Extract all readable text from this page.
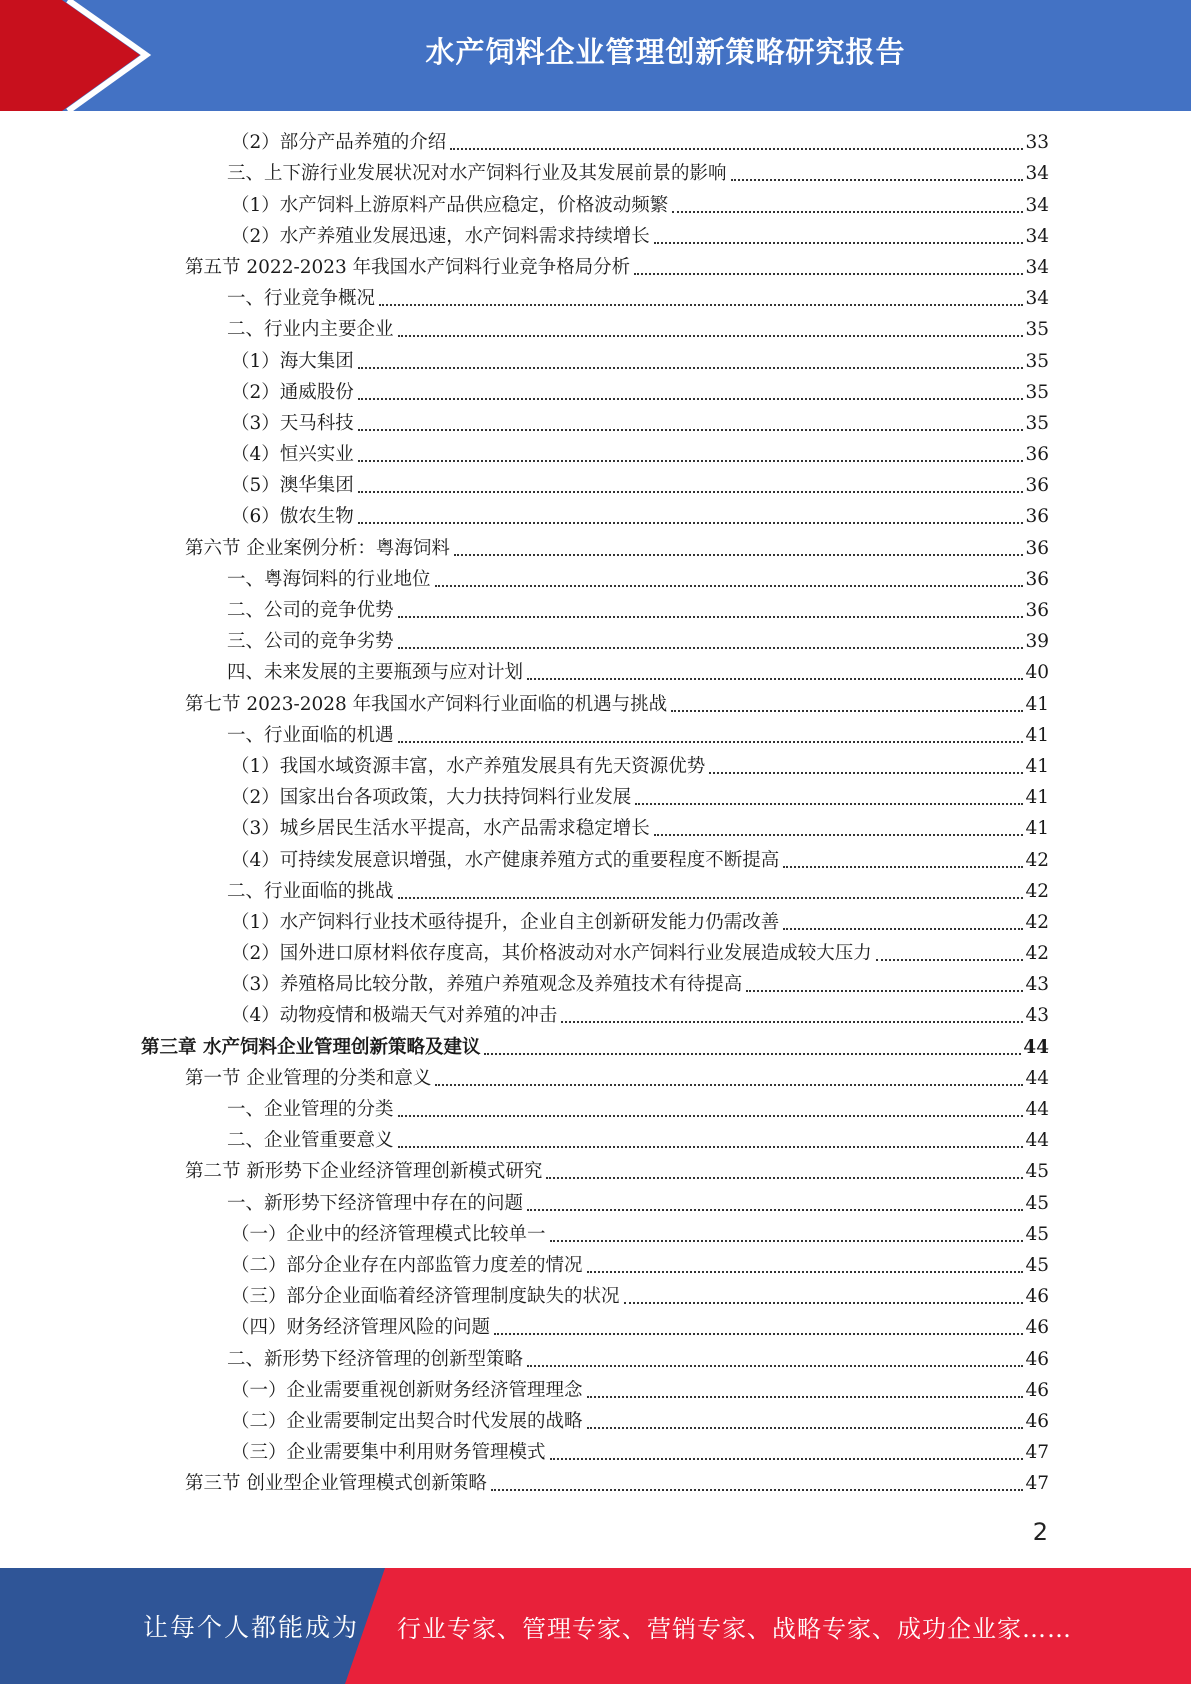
水产饲料企业管理创新策略研究报告
（2）部分产品养殖的介绍	33
三、上下游行业发展状况对水产饲料行业及其发展前景的影响	34
（1）水产饲料上游原料产品供应稳定，价格波动频繁	34
（2）水产养殖业发展迅速，水产饲料需求持续增长	34
第五节 2022-2023 年我国水产饲料行业竞争格局分析	34
一、行业竞争概况	34
二、行业内主要企业	35
（1）海大集团	35
（2）通威股份	35
（3）天马科技	35
（4）恒兴实业	36
（5）澳华集团	36
（6）傲农生物	36
第六节 企业案例分析：粤海饲料	36
一、粤海饲料的行业地位	36
二、公司的竞争优势	36
三、公司的竞争劣势	39
四、未来发展的主要瓶颈与应对计划	40
第七节 2023-2028 年我国水产饲料行业面临的机遇与挑战	41
一、行业面临的机遇	41
（1）我国水域资源丰富，水产养殖发展具有先天资源优势	41
（2）国家出台各项政策，大力扶持饲料行业发展	41
（3）城乡居民生活水平提高，水产品需求稳定增长	41
（4）可持续发展意识增强，水产健康养殖方式的重要程度不断提高	42
二、行业面临的挑战	42
（1）水产饲料行业技术亟待提升，企业自主创新研发能力仍需改善	42
（2）国外进口原材料依存度高，其价格波动对水产饲料行业发展造成较大压力	42
（3）养殖格局比较分散，养殖户养殖观念及养殖技术有待提高	43
（4）动物疫情和极端天气对养殖的冲击	43
第三章 水产饲料企业管理创新策略及建议	44
第一节 企业管理的分类和意义	44
一、企业管理的分类	44
二、企业管重要意义	44
第二节 新形势下企业经济管理创新模式研究	45
一、新形势下经济管理中存在的问题	45
（一）企业中的经济管理模式比较单一	45
（二）部分企业存在内部监管力度差的情况	45
（三）部分企业面临着经济管理制度缺失的状况	46
（四）财务经济管理风险的问题	46
二、新形势下经济管理的创新型策略	46
（一）企业需要重视创新财务经济管理理念	46
（二）企业需要制定出契合时代发展的战略	46
（三）企业需要集中利用财务管理模式	47
第三节 创业型企业管理模式创新策略	47
2
让每个人都能成为 行业专家、管理专家、营销专家、战略专家、成功企业家……
